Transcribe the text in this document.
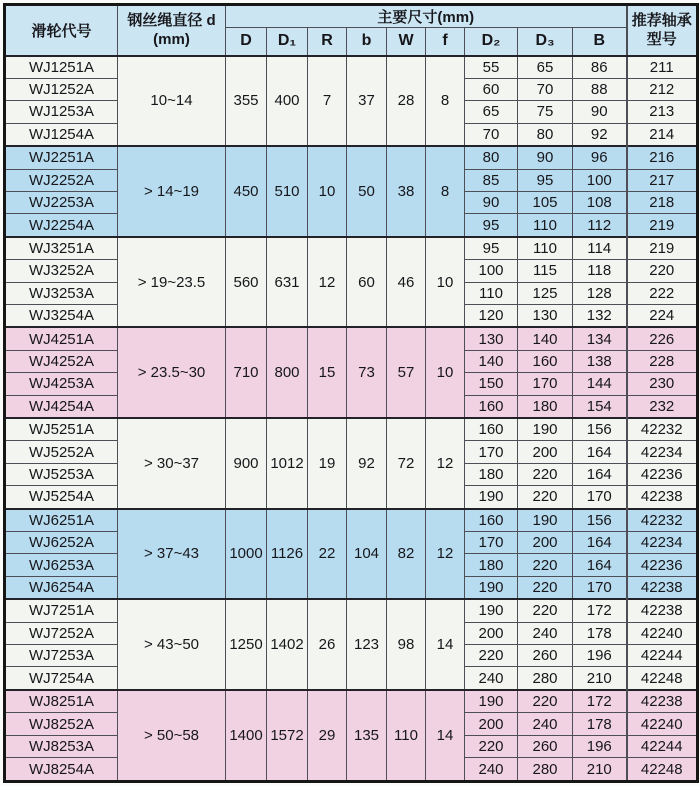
滑轮代号	钢丝绳直径 d
(mm)	主要尺寸(mm)									推荐轴承
型号

		D	D₁	R	b	W	f	D₂	D₃	B	
WJ1251A	10~14	355	400	7	37	28	8	55	65	86	211
WJ1252A								60	70	88	212
WJ1253A								65	75	90	213
WJ1254A								70	80	92	214
WJ2251A	> 14~19	450	510	10	50	38	8	80	90	96	216
WJ2252A								85	95	100	217
WJ2253A								90	105	108	218
WJ2254A								95	110	112	219
WJ3251A	> 19~23.5	560	631	12	60	46	10	95	110	114	219
WJ3252A								100	115	118	220
WJ3253A								110	125	128	222
WJ3254A								120	130	132	224
WJ4251A	> 23.5~30	710	800	15	73	57	10	130	140	134	226
WJ4252A								140	160	138	228
WJ4253A								150	170	144	230
WJ4254A								160	180	154	232
WJ5251A	> 30~37	900	1012	19	92	72	12	160	190	156	42232
WJ5252A								170	200	164	42234
WJ5253A								180	220	164	42236
WJ5254A								190	220	170	42238
WJ6251A	> 37~43	1000	1126	22	104	82	12	160	190	156	42232
WJ6252A								170	200	164	42234
WJ6253A								180	220	164	42236
WJ6254A								190	220	170	42238
WJ7251A	> 43~50	1250	1402	26	123	98	14	190	220	172	42238
WJ7252A								200	240	178	42240
WJ7253A								220	260	196	42244
WJ7254A								240	280	210	42248
WJ8251A	> 50~58	1400	1572	29	135	110	14	190	220	172	42238
WJ8252A								200	240	178	42240
WJ8253A								220	260	196	42244
WJ8254A								240	280	210	42248
